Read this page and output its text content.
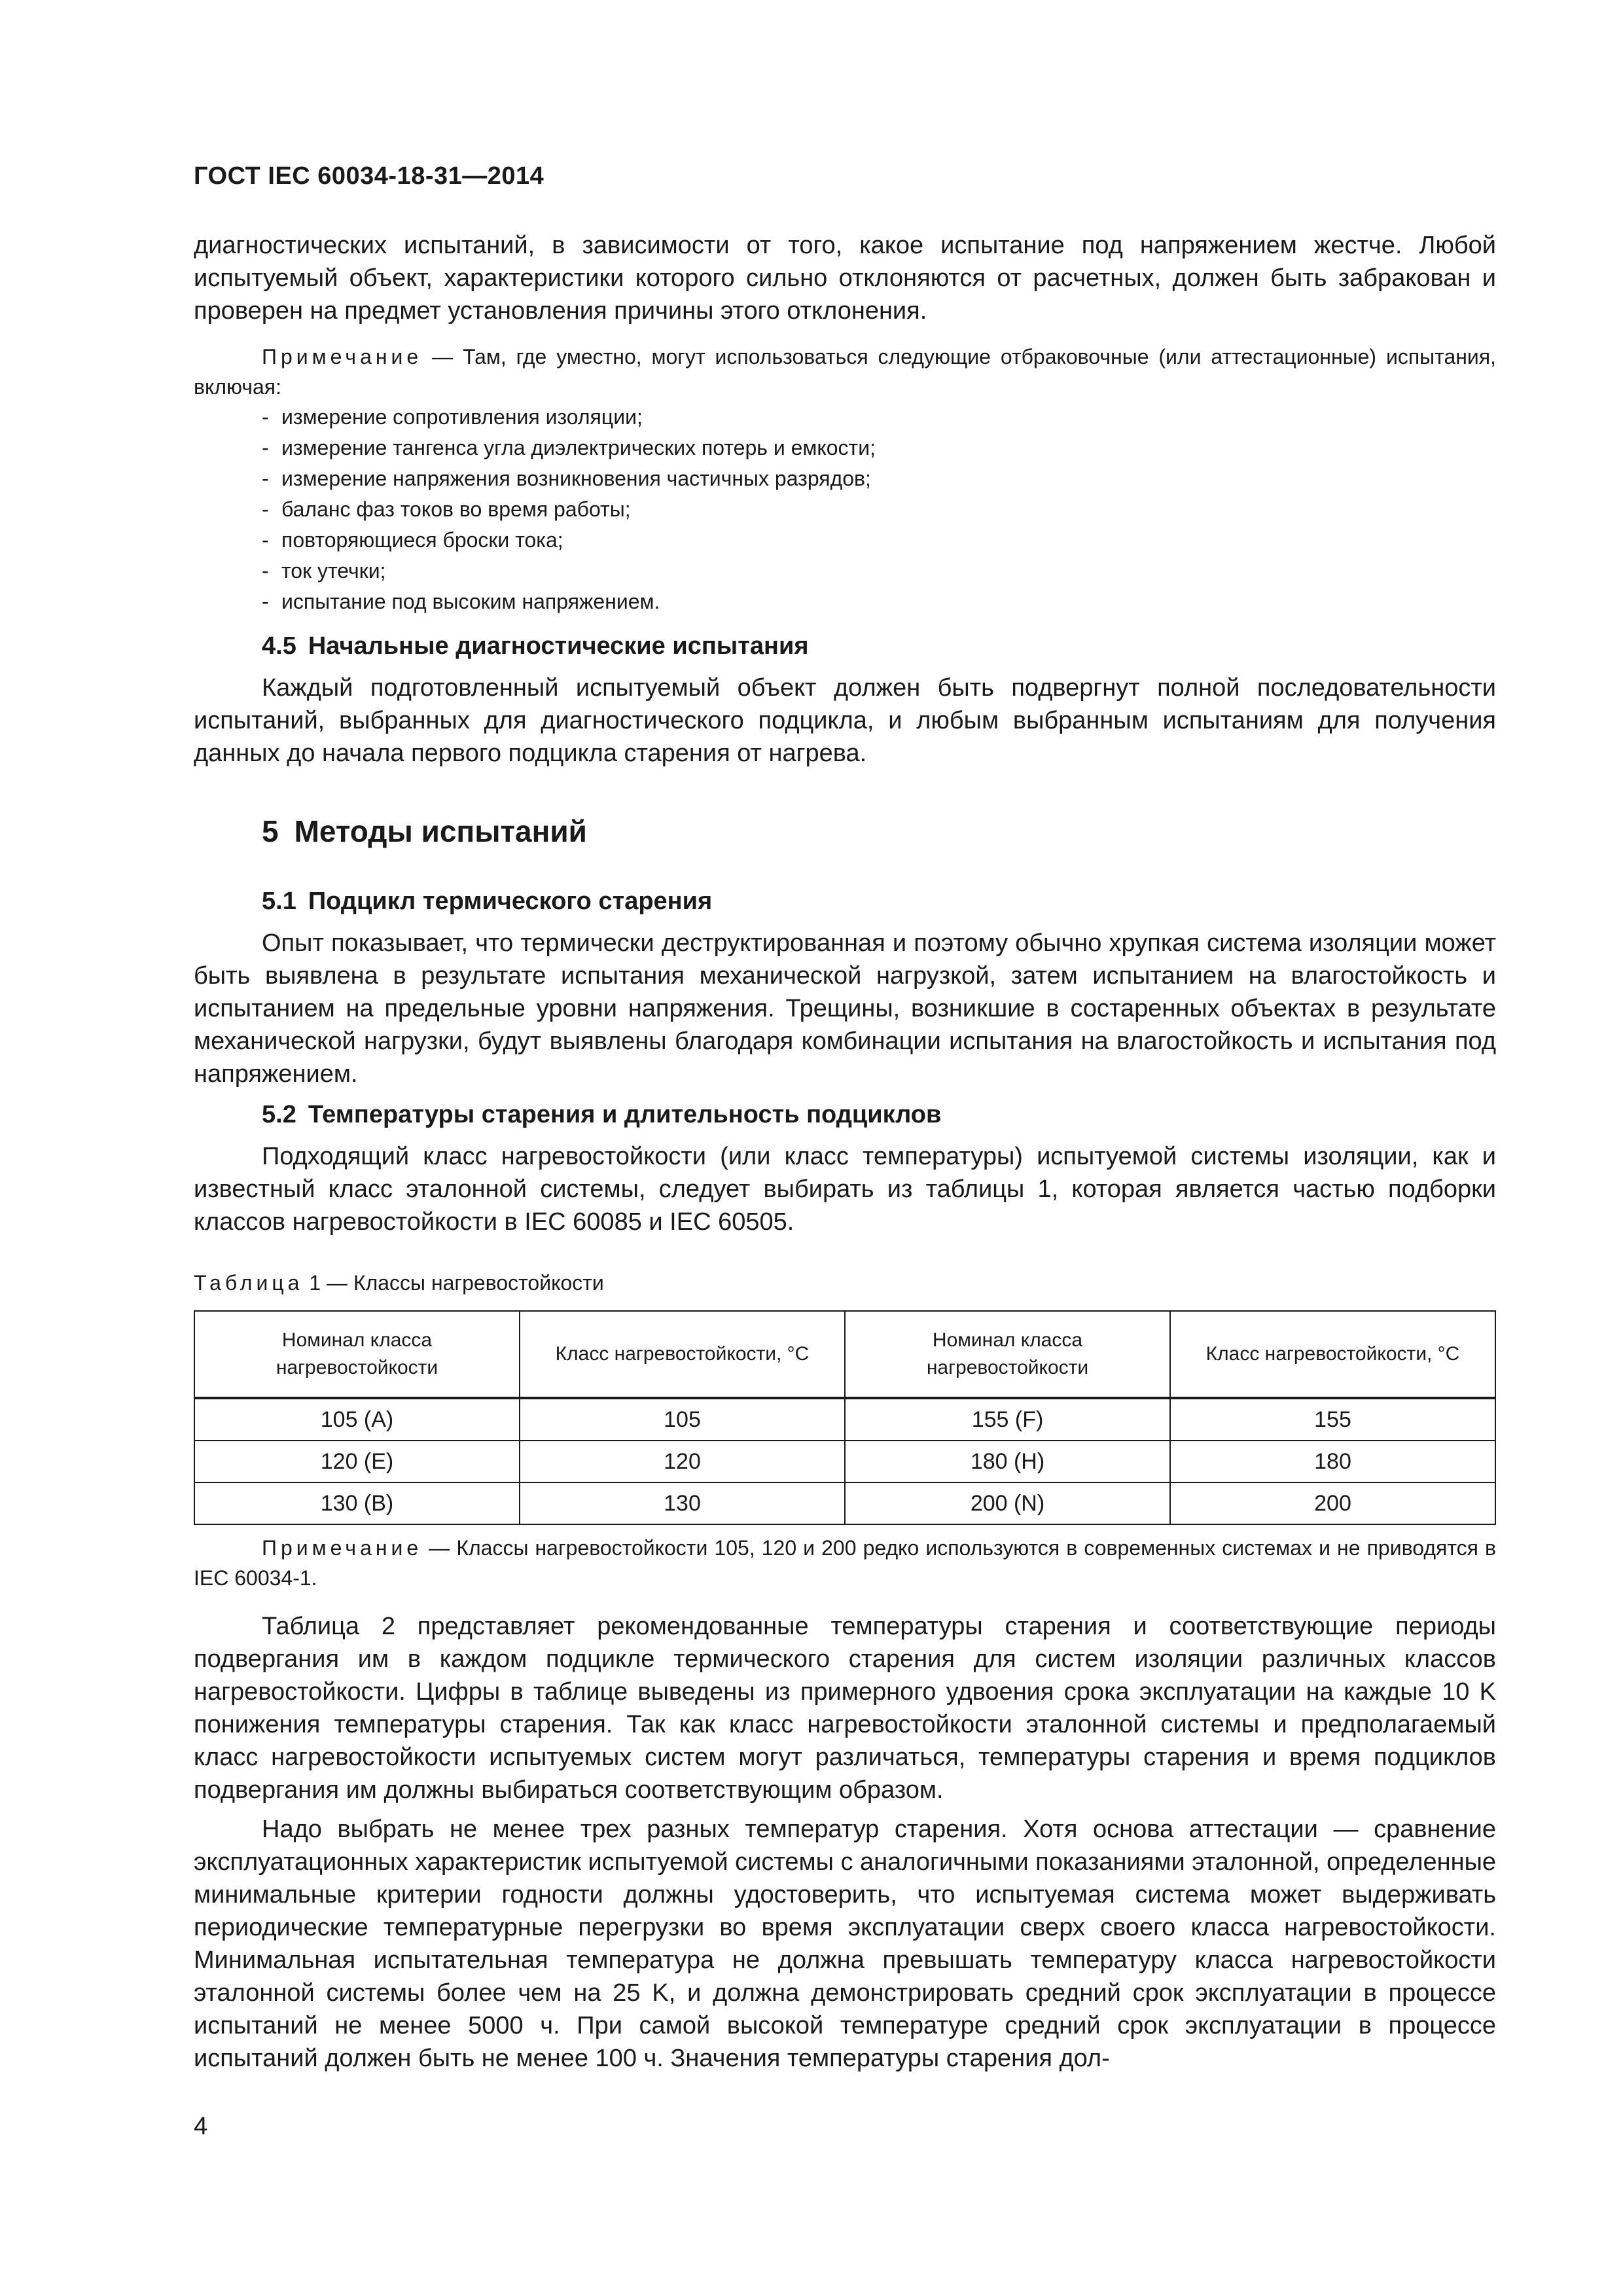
ГОСТ IEC 60034-18-31—2014

диагностических испытаний, в зависимости от того, какое испытание под напряжением жестче. Любой испытуемый объект, характеристики которого сильно отклоняются от расчетных, должен быть забракован и проверен на предмет установления причины этого отклонения.

Примечание — Там, где уместно, могут использоваться следующие отбраковочные (или аттестационные) испытания, включая:

- измерение сопротивления изоляции;
- измерение тангенса угла диэлектрических потерь и емкости;
- измерение напряжения возникновения частичных разрядов;
- баланс фаз токов во время работы;
- повторяющиеся броски тока;
- ток утечки;
- испытание под высоким напряжением.
4.5 Начальные диагностические испытания

Каждый подготовленный испытуемый объект должен быть подвергнут полной последовательности испытаний, выбранных для диагностического подцикла, и любым выбранным испытаниям для получения данных до начала первого подцикла старения от нагрева.

5 Методы испытаний
5.1 Подцикл термического старения

Опыт показывает, что термически деструктированная и поэтому обычно хрупкая система изоляции может быть выявлена в результате испытания механической нагрузкой, затем испытанием на влагостойкость и испытанием на предельные уровни напряжения. Трещины, возникшие в состаренных объектах в результате механической нагрузки, будут выявлены благодаря комбинации испытания на влагостойкость и испытания под напряжением.

5.2 Температуры старения и длительность подциклов

Подходящий класс нагревостойкости (или класс температуры) испытуемой системы изоляции, как и известный класс эталонной системы, следует выбирать из таблицы 1, которая является частью подборки классов нагревостойкости в IEC 60085 и IEC 60505.

Таблица 1 — Классы нагревостойкости

Номинал класса нагревостойкости	Класс нагревостойкости, °С	Номинал класса нагревостойкости	Класс нагревостойкости, °С
105 (A)	105	155 (F)	155
120 (E)	120	180 (H)	180
130 (B)	130	200 (N)	200

Примечание — Классы нагревостойкости 105, 120 и 200 редко используются в современных системах и не приводятся в IEC 60034-1.

Таблица 2 представляет рекомендованные температуры старения и соответствующие периоды подвергания им в каждом подцикле термического старения для систем изоляции различных классов нагревостойкости. Цифры в таблице выведены из примерного удвоения срока эксплуатации на каждые 10 K понижения температуры старения. Так как класс нагревостойкости эталонной системы и предполагаемый класс нагревостойкости испытуемых систем могут различаться, температуры старения и время подциклов подвергания им должны выбираться соответствующим образом.

Надо выбрать не менее трех разных температур старения. Хотя основа аттестации — сравнение эксплуатационных характеристик испытуемой системы с аналогичными показаниями эталонной, определенные минимальные критерии годности должны удостоверить, что испытуемая система может выдерживать периодические температурные перегрузки во время эксплуатации сверх своего класса нагревостойкости. Минимальная испытательная температура не должна превышать температуру класса нагревостойкости эталонной системы более чем на 25 K, и должна демонстрировать средний срок эксплуатации в процессе испытаний не менее 5000 ч. При самой высокой температуре средний срок эксплуатации в процессе испытаний должен быть не менее 100 ч. Значения температуры старения дол-

4
